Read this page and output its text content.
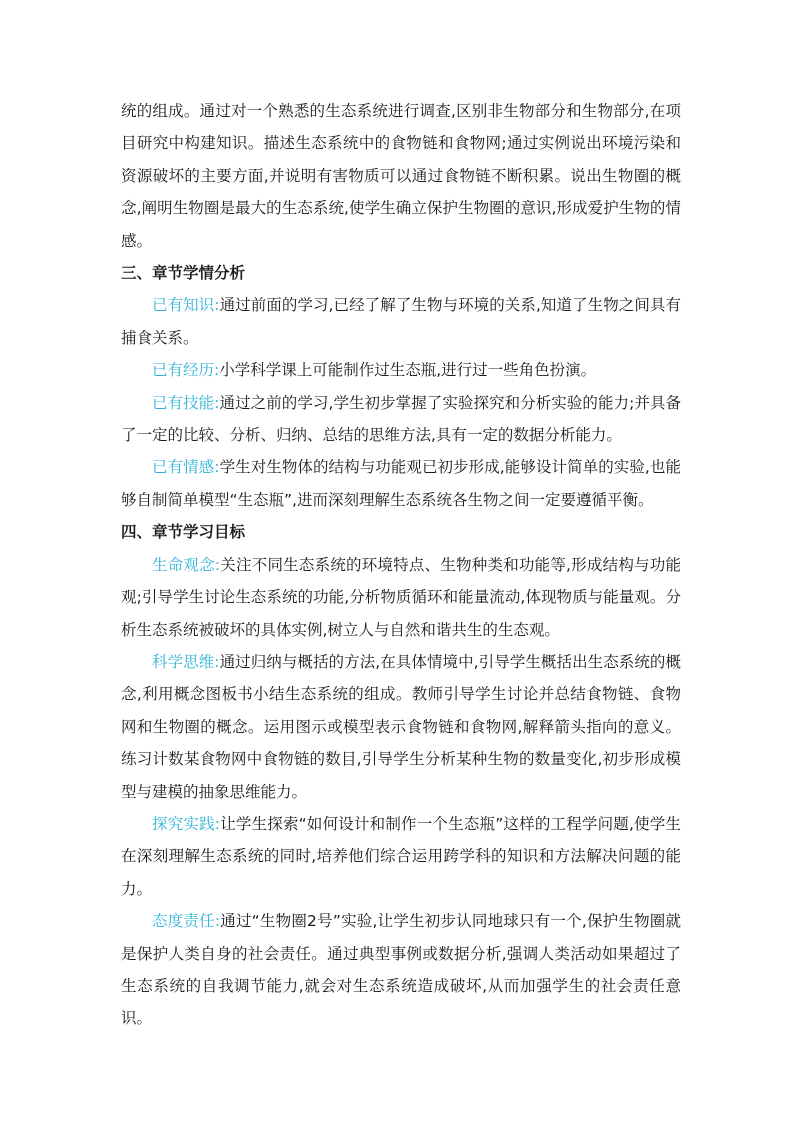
统的组成。通过对一个熟悉的生态系统进行调查,区别非生物部分和生物部分,在项目研究中构建知识。描述生态系统中的食物链和食物网;通过实例说出环境污染和资源破坏的主要方面,并说明有害物质可以通过食物链不断积累。说出生物圈的概念,阐明生物圈是最大的生态系统,使学生确立保护生物圈的意识,形成爱护生物的情感。

三、章节学情分析

已有知识:通过前面的学习,已经了解了生物与环境的关系,知道了生物之间具有捕食关系。

已有经历:小学科学课上可能制作过生态瓶,进行过一些角色扮演。

已有技能:通过之前的学习,学生初步掌握了实验探究和分析实验的能力;并具备了一定的比较、分析、归纳、总结的思维方法,具有一定的数据分析能力。

已有情感:学生对生物体的结构与功能观已初步形成,能够设计简单的实验,也能够自制简单模型“生态瓶”,进而深刻理解生态系统各生物之间一定要遵循平衡。

四、章节学习目标

生命观念:关注不同生态系统的环境特点、生物种类和功能等,形成结构与功能观;引导学生讨论生态系统的功能,分析物质循环和能量流动,体现物质与能量观。分析生态系统被破坏的具体实例,树立人与自然和谐共生的生态观。

科学思维:通过归纳与概括的方法,在具体情境中,引导学生概括出生态系统的概念,利用概念图板书小结生态系统的组成。教师引导学生讨论并总结食物链、食物网和生物圈的概念。运用图示或模型表示食物链和食物网,解释箭头指向的意义。练习计数某食物网中食物链的数目,引导学生分析某种生物的数量变化,初步形成模型与建模的抽象思维能力。

探究实践:让学生探索“如何设计和制作一个生态瓶”这样的工程学问题,使学生在深刻理解生态系统的同时,培养他们综合运用跨学科的知识和方法解决问题的能力。

态度责任:通过“生物圈2号”实验,让学生初步认同地球只有一个,保护生物圈就是保护人类自身的社会责任。通过典型事例或数据分析,强调人类活动如果超过了生态系统的自我调节能力,就会对生态系统造成破坏,从而加强学生的社会责任意识。
